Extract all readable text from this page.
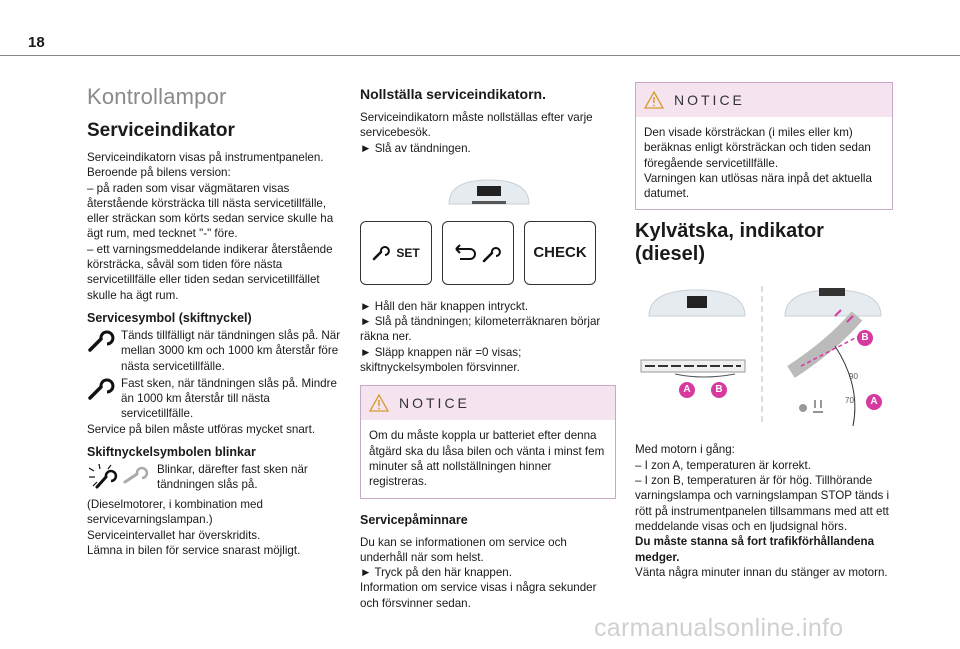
18
Kontrollampor
Serviceindikator

Serviceindikatorn visas på instrumentpanelen.
Beroende på bilens version:
– på raden som visar vägmätaren visas återstående körsträcka till nästa servicetillfälle, eller sträckan som körts sedan service skulle ha ägt rum, med tecknet "-" före.
– ett varningsmeddelande indikerar återstående körsträcka, såväl som tiden före nästa servicetillfälle eller tiden sedan servicetillfället skulle ha ägt rum.

Servicesymbol (skiftnyckel)

Tänds tillfälligt när tändningen slås på. När mellan 3000 km och 1000 km återstår före nästa servicetillfälle.

Fast sken, när tändningen slås på. Mindre än 1000 km återstår till nästa servicetillfälle.

Service på bilen måste utföras mycket snart.

Skiftnyckelsymbolen blinkar

Blinkar, därefter fast sken när tändningen slås på.

(Dieselmotorer, i kombination med servicevarningslampan.)
Serviceintervallet har överskridits.
Lämna in bilen för service snarast möjligt.

Nollställa serviceindikatorn.

Serviceindikatorn måste nollställas efter varje servicebesök.
► Slå av tändningen.

SET	CHECK

► Håll den här knappen intryckt.
► Slå på tändningen; kilometerräknaren börjar räkna ner.
► Släpp knappen när =0 visas; skiftnyckelsymbolen försvinner.

NOTICE
Om du måste koppla ur batteriet efter denna åtgärd ska du låsa bilen och vänta i minst fem minuter så att nollställningen hinner registreras.
Servicepåminnare

Du kan se informationen om service och underhåll när som helst.
► Tryck på den här knappen.
Information om service visas i några sekunder och försvinner sedan.

NOTICE
Den visade körsträckan (i miles eller km) beräknas enligt körsträckan och tiden sedan föregående servicetillfälle.
Varningen kan utlösas nära inpå det aktuella datumet.
Kylvätska, indikator (diesel)
A	B
A
B
90
70

Med motorn i gång:
– I zon A, temperaturen är korrekt.
– I zon B, temperaturen är för hög. Tillhörande varningslampa och varningslampan STOP tänds i rött på instrumentpanelen tillsammans med att ett meddelande visas och en ljudsignal hörs.
Du måste stanna så fort trafikförhållandena medger.
Vänta några minuter innan du stänger av motorn.

carmanualsonline.info
